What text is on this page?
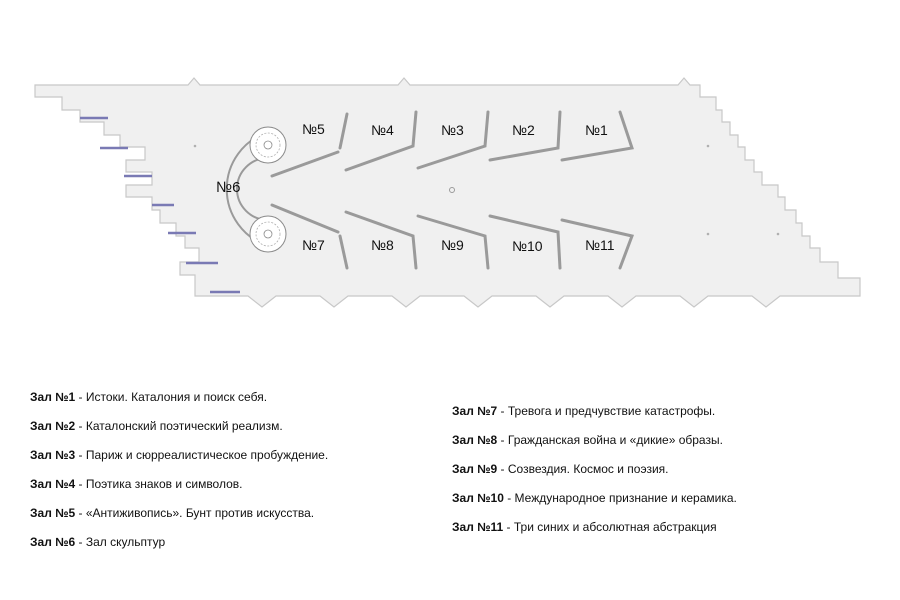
№5	№4	№3	№2	№1
№6
№7	№8	№9	№10	№11
Зал №1 - Истоки. Каталония и поиск себя.
Зал №2 - Каталонский поэтический реализм.
Зал №3 - Париж и сюрреалистическое пробуждение.
Зал №4 - Поэтика знаков и символов.
Зал №5 - «Антиживопись». Бунт против искусства.
Зал №6 - Зал скульптур
Зал №7 - Тревога и предчувствие катастрофы.
Зал №8 - Гражданская война и «дикие» образы.
Зал №9 - Созвездия. Космос и поэзия.
Зал №10 - Международное признание и керамика.
Зал №11 - Три синих и абсолютная абстракция
